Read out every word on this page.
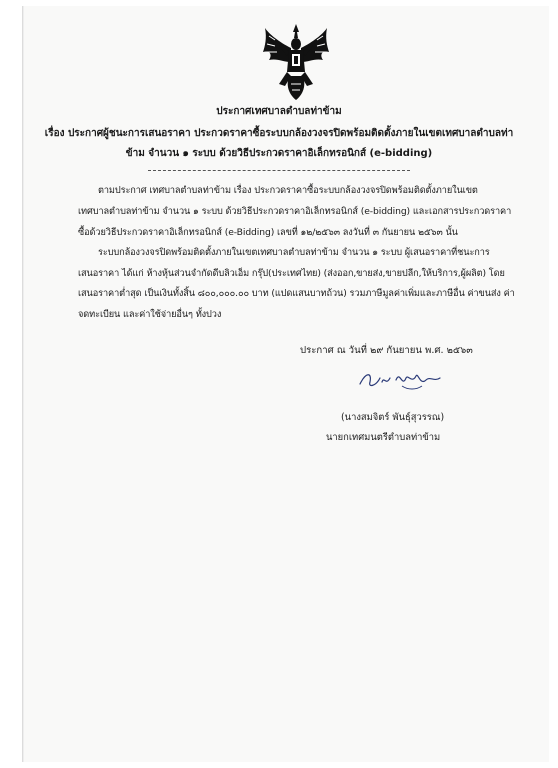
ประกาศเทศบาลตำบลท่าข้าม
เรื่อง ประกาศผู้ชนะการเสนอราคา ประกวดราคาซื้อระบบกล้องวงจรปิดพร้อมติดตั้งภายในเขตเทศบาลตำบลท่า
ข้าม จำนวน ๑ ระบบ ด้วยวิธีประกวดราคาอิเล็กทรอนิกส์ (e-bidding)
ตามประกาศ เทศบาลตำบลท่าข้าม เรื่อง ประกวดราคาซื้อระบบกล้องวงจรปิดพร้อมติดตั้งภายในเขต
เทศบาลตำบลท่าข้าม จำนวน ๑ ระบบ ด้วยวิธีประกวดราคาอิเล็กทรอนิกส์ (e-bidding) และเอกสารประกวดราคา
ซื้อด้วยวิธีประกวดราคาอิเล็กทรอนิกส์ (e-Bidding) เลขที่ ๑๒/๒๕๖๓ ลงวันที่ ๓ กันยายน ๒๕๖๓ นั้น
ระบบกล้องวงจรปิดพร้อมติดตั้งภายในเขตเทศบาลตำบลท่าข้าม จำนวน ๑ ระบบ ผู้เสนอราคาที่ชนะการ
เสนอราคา ได้แก่ ห้างหุ้นส่วนจำกัดดีบลิวเอ็ม กรุ๊ป(ประเทศไทย) (ส่งออก,ขายส่ง,ขายปลีก,ให้บริการ,ผู้ผลิต) โดย
เสนอราคาต่ำสุด เป็นเงินทั้งสิ้น ๘๐๐,๐๐๐.๐๐ บาท (แปดแสนบาทถ้วน) รวมภาษีมูลค่าเพิ่มและภาษีอื่น ค่าขนส่ง ค่า
จดทะเบียน และค่าใช้จ่ายอื่นๆ ทั้งปวง
ประกาศ ณ วันที่ ๒๙ กันยายน พ.ศ. ๒๕๖๓
(นางสมจิตร์ พันธุ์สุวรรณ)
นายกเทศมนตรีตำบลท่าข้าม
